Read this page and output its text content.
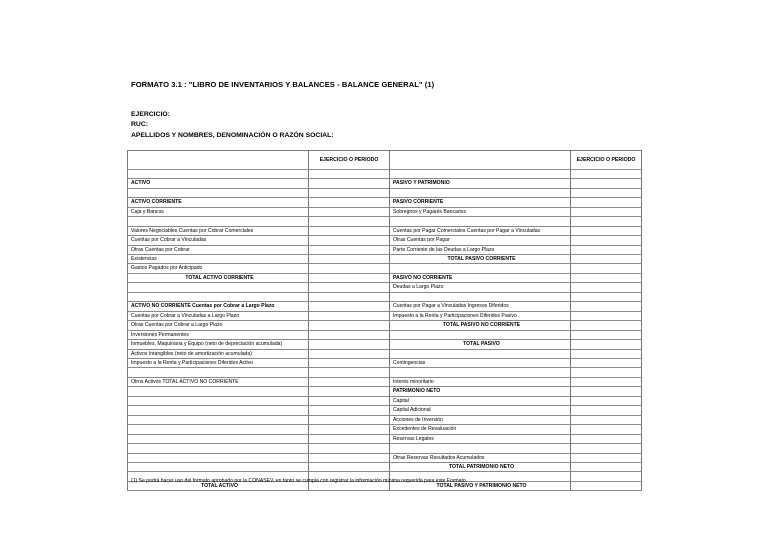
FORMATO 3.1 : "LIBRO DE INVENTARIOS Y BALANCES - BALANCE GENERAL" (1)
EJERCICIO:
RUC:
APELLIDOS Y NOMBRES, DENOMINACIÓN O RAZÓN SOCIAL:
	EJERCICIO O PERIODO		EJERCICIO O PERIODO

ACTIVO		PASIVO Y PATRIMONIO	

ACTIVO CORRIENTE		PASIVO CORRIENTE	
Caja y Bancos		Sobregiros y Pagarés Bancarios	

Valores Negociables Cuentas por Cobrar Comerciales		Cuentas por Pagar Comerciales Cuentas por Pagar a Vinculadas	
Cuentas por Cobrar a Vinculadas		Otras Cuentas por Pagar	
Otras Cuentas por Cobrar		Parte Corriente de las Deudas a Largo Plazo	
Existencias		TOTAL PASIVO CORRIENTE	
Gastos Pagados por Anticipado			
TOTAL ACTIVO CORRIENTE		PASIVO NO CORRIENTE	
		Deudas a Largo Plazo	

ACTIVO NO CORRIENTE Cuentas por Cobrar a Largo Plazo		Cuentas por Pagar a Vinculadas Ingresos Diferidos	
Cuentas por Cobrar a Vinculadas a Largo Plazo		Impuesto a la Renta y Participaciones Diferidos Pasivo	
Otras Cuentas por Cobrar a Largo Plazo		TOTAL PASIVO NO CORRIENTE	
Inversiones Permanentes			
Inmuebles, Maquinaria y Equipo (neto de depreciación acumulada)		TOTAL PASIVO	
Activos Intangibles (neto de amortización acumulada)			
Impuesto a la Renta y Participaciones Diferidos Activo		Contingencias	

Otros Activos TOTAL ACTIVO NO CORRIENTE		Interés minoritario	
		PATRIMONIO NETO	
		Capital	
		Capital Adicional	
		Acciones de Inversión	
		Excedentes de Revaluación	
		Reservas Legales	

		Otras Reservas Resultados Acumulados	
		TOTAL PATRIMONIO NETO	

TOTAL ACTIVO		TOTAL PASIVO Y PATRIMONIO NETO	
(1) Se podrá hacer uso del formato aprobado por la CONASEV, en tanto se cumpla con registrar la información mínima requerida para este Formato.
